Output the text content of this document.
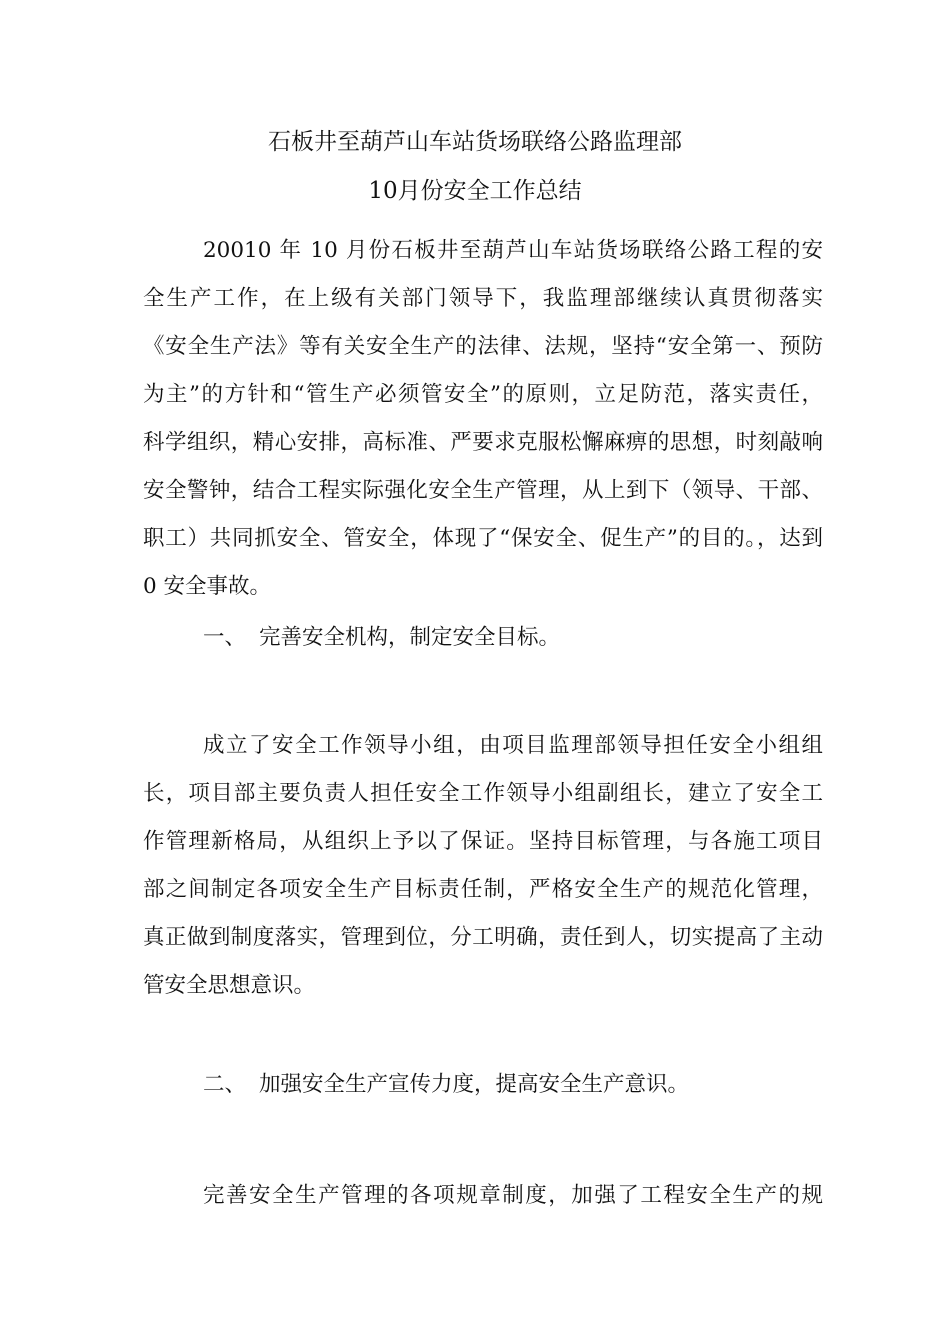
石板井至葫芦山车站货场联络公路监理部
10月份安全工作总结
20010 年 10 月份石板井至葫芦山车站货场联络公路工程的安
全生产工作，在上级有关部门领导下，我监理部继续认真贯彻落实
《安全生产法》等有关安全生产的法律、法规，坚持“安全第一、预防
为主”的方针和“管生产必须管安全”的原则，立足防范，落实责任，
科学组织，精心安排，高标准、严要求克服松懈麻痹的思想，时刻敲响
安全警钟，结合工程实际强化安全生产管理，从上到下（领导、干部、
职工）共同抓安全、管安全，体现了“保安全、促生产”的目的。，达到
0 安全事故。
一、 完善安全机构，制定安全目标。
成立了安全工作领导小组，由项目监理部领导担任安全小组组
长，项目部主要负责人担任安全工作领导小组副组长，建立了安全工
作管理新格局，从组织上予以了保证。坚持目标管理，与各施工项目
部之间制定各项安全生产目标责任制，严格安全生产的规范化管理，
真正做到制度落实，管理到位，分工明确，责任到人，切实提高了主动
管安全思想意识。
二、 加强安全生产宣传力度，提高安全生产意识。
完善安全生产管理的各项规章制度，加强了工程安全生产的规
